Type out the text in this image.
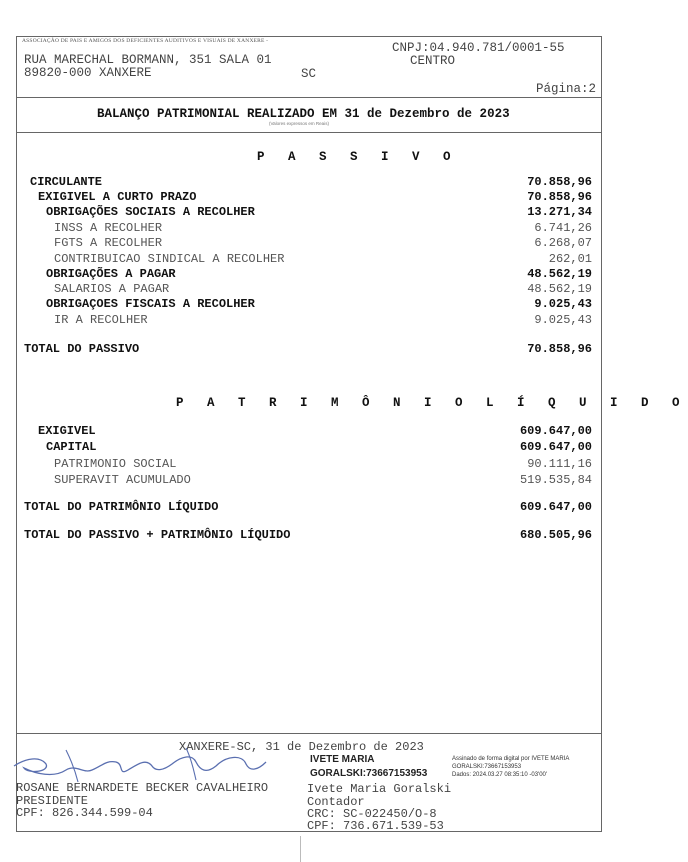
ASSOCIAÇÃO DE PAIS E AMIGOS DOS DEFICIENTES AUDITIVOS E VISUAIS DE XANXERE -	CNPJ:04.940.781/0001-55
RUA MARECHAL BORMANN, 351 SALA 01	CENTRO
89820-000 XANXERE	SC
Página:2
BALANÇO PATRIMONIAL REALIZADO EM 31 de Dezembro de 2023
(Valores expressos em Reais)
P A S S I V O
CIRCULANTE	70.858,96
EXIGIVEL A CURTO PRAZO	70.858,96
OBRIGAÇÕES SOCIAIS A RECOLHER	13.271,34
INSS A RECOLHER	6.741,26
FGTS A RECOLHER	6.268,07
CONTRIBUICAO SINDICAL A RECOLHER	262,01
OBRIGAÇÕES A PAGAR	48.562,19
SALARIOS A PAGAR	48.562,19
OBRIGAÇOES FISCAIS A RECOLHER	9.025,43
IR A RECOLHER	9.025,43
TOTAL DO PASSIVO	70.858,96
P A T R I M Ô N I O L Í Q U I D O
EXIGIVEL	609.647,00
CAPITAL	609.647,00
PATRIMONIO SOCIAL	90.111,16
SUPERAVIT ACUMULADO	519.535,84
TOTAL DO PATRIMÔNIO LÍQUIDO	609.647,00
TOTAL DO PASSIVO + PATRIMÔNIO LÍQUIDO	680.505,96
XANXERE-SC, 31 de Dezembro de 2023
ROSANE BERNARDETE BECKER CAVALHEIRO
PRESIDENTE
CPF: 826.344.599-04
IVETE MARIA
GORALSKI:73667153953
Assinado de forma digital por IVETE MARIA
GORALSKI:73667153953
Dados: 2024.03.27 08:35:10 -03'00'
Ivete Maria Goralski
Contador
CRC: SC-022450/O-8
CPF: 736.671.539-53
